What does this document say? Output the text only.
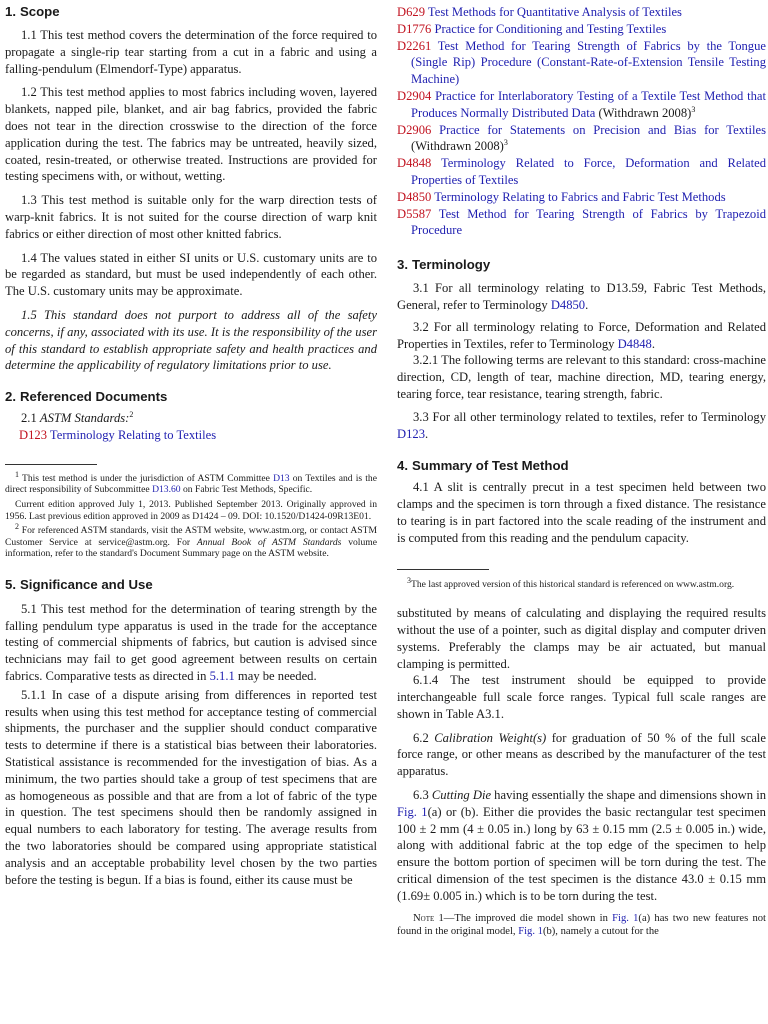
1. Scope

1.1 This test method covers the determination of the force required to propagate a single-rip tear starting from a cut in a fabric and using a falling-pendulum (Elmendorf-Type) apparatus.

1.2 This test method applies to most fabrics including woven, layered blankets, napped pile, blanket, and air bag fabrics, provided the fabric does not tear in the direction crosswise to the direction of the force application during the test. The fabrics may be untreated, heavily sized, coated, resin-treated, or otherwise treated. Instructions are provided for testing specimens with, or without, wetting.

1.3 This test method is suitable only for the warp direction tests of warp-knit fabrics. It is not suited for the course direction of warp knit fabrics or either direction of most other knitted fabrics.

1.4 The values stated in either SI units or U.S. customary units are to be regarded as standard, but must be used independently of each other. The U.S. customary units may be approximate.

1.5 This standard does not purport to address all of the safety concerns, if any, associated with its use. It is the responsibility of the user of this standard to establish appropriate safety and health practices and determine the applicability of regulatory limitations prior to use.

2. Referenced Documents

2.1 ASTM Standards:$^2$

D123 Terminology Relating to Textiles

$^1$ This test method is under the jurisdiction of ASTM Committee D13 on Textiles and is the direct responsibility of Subcommittee D13.60 on Fabric Test Methods, Specific.

Current edition approved July 1, 2013. Published September 2013. Originally approved in 1956. Last previous edition approved in 2009 as D1424 – 09. DOI: 10.1520/D1424-09R13E01.

$^2$ For referenced ASTM standards, visit the ASTM website, www.astm.org, or contact ASTM Customer Service at service@astm.org. For Annual Book of ASTM Standards volume information, refer to the standard's Document Summary page on the ASTM website.

5. Significance and Use

5.1 This test method for the determination of tearing strength by the falling pendulum type apparatus is used in the trade for the acceptance testing of commercial shipments of fabrics, but caution is advised since technicians may fail to get good agreement between results on certain fabrics. Comparative tests as directed in 5.1.1 may be needed.

5.1.1 In case of a dispute arising from differences in reported test results when using this test method for acceptance testing of commercial shipments, the purchaser and the supplier should conduct comparative tests to determine if there is a statistical bias between their laboratories. Statistical assistance is recommended for the investigation of bias. As a minimum, the two parties should take a group of test specimens that are as homogeneous as possible and that are from a lot of fabric of the type in question. The test specimens should then be randomly assigned in equal numbers to each laboratory for testing. The average results from the two laboratories should be compared using appropriate statistical analysis and an acceptable probability level chosen by the two parties before the testing is begun. If a bias is found, either its cause must be

D629 Test Methods for Quantitative Analysis of Textiles
D1776 Practice for Conditioning and Testing Textiles
D2261 Test Method for Tearing Strength of Fabrics by the Tongue (Single Rip) Procedure (Constant-Rate-of-Extension Tensile Testing Machine)
D2904 Practice for Interlaboratory Testing of a Textile Test Method that Produces Normally Distributed Data (Withdrawn 2008)$^3$
D2906 Practice for Statements on Precision and Bias for Textiles (Withdrawn 2008)$^3$
D4848 Terminology Related to Force, Deformation and Related Properties of Textiles
D4850 Terminology Relating to Fabrics and Fabric Test Methods
D5587 Test Method for Tearing Strength of Fabrics by Trapezoid Procedure
3. Terminology

3.1 For all terminology relating to D13.59, Fabric Test Methods, General, refer to Terminology D4850.

3.2 For all terminology relating to Force, Deformation and Related Properties in Textiles, refer to Terminology D4848.

3.2.1 The following terms are relevant to this standard: cross-machine direction, CD, length of tear, machine direction, MD, tearing energy, tearing force, tear resistance, tearing strength, fabric.

3.3 For all other terminology related to textiles, refer to Terminology D123.

4. Summary of Test Method

4.1 A slit is centrally precut in a test specimen held between two clamps and the specimen is torn through a fixed distance. The resistance to tearing is in part factored into the scale reading of the instrument and is computed from this reading and the pendulum capacity.

$^3$The last approved version of this historical standard is referenced on www.astm.org.

substituted by means of calculating and displaying the required results without the use of a pointer, such as digital display and computer driven systems. Preferably the clamps may be air actuated, but manual clamping is permitted.

6.1.4 The test instrument should be equipped to provide interchangeable full scale force ranges. Typical full scale ranges are shown in Table A3.1.

6.2 Calibration Weight(s) for graduation of 50 % of the full scale force range, or other means as described by the manufacturer of the test apparatus.

6.3 Cutting Die having essentially the shape and dimensions shown in Fig. 1(a) or (b). Either die provides the basic rectangular test specimen 100 ± 2 mm (4 ± 0.05 in.) long by 63 ± 0.15 mm (2.5 ± 0.005 in.) wide, along with additional fabric at the top edge of the specimen to help ensure the bottom portion of specimen will be torn during the test. The critical dimension of the test specimen is the distance 43.0 ± 0.15 mm (1.69± 0.005 in.) which is to be torn during the test.

Note 1—The improved die model shown in Fig. 1(a) has two new features not found in the original model, Fig. 1(b), namely a cutout for the
